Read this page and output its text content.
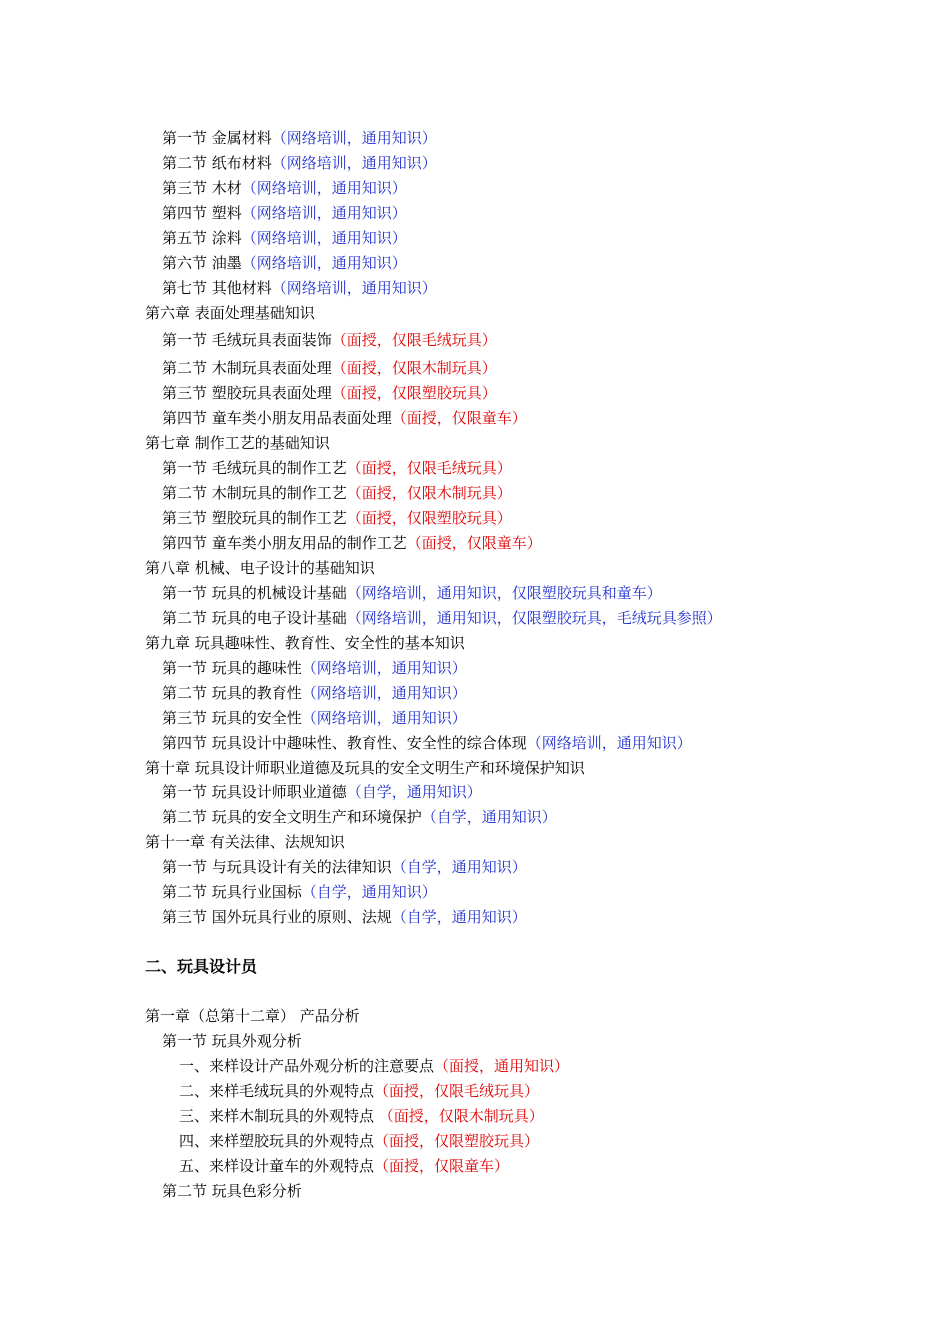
二、玩具设计员
第一节 金属材料（网络培训，通用知识）
第二节 纸布材料（网络培训，通用知识）
第三节 木材（网络培训，通用知识）
第四节 塑料（网络培训，通用知识）
第五节 涂料（网络培训，通用知识）
第六节 油墨（网络培训，通用知识）
第七节 其他材料（网络培训，通用知识）
第六章 表面处理基础知识
第一节 毛绒玩具表面装饰（面授，仅限毛绒玩具）
第二节 木制玩具表面处理（面授，仅限木制玩具）
第三节 塑胶玩具表面处理（面授，仅限塑胶玩具）
第四节 童车类小朋友用品表面处理（面授，仅限童车）
第七章 制作工艺的基础知识
第一节 毛绒玩具的制作工艺（面授，仅限毛绒玩具）
第二节 木制玩具的制作工艺（面授，仅限木制玩具）
第三节 塑胶玩具的制作工艺（面授，仅限塑胶玩具）
第四节 童车类小朋友用品的制作工艺（面授，仅限童车）
第八章 机械、电子设计的基础知识
第一节 玩具的机械设计基础（网络培训，通用知识，仅限塑胶玩具和童车）
第二节 玩具的电子设计基础（网络培训，通用知识，仅限塑胶玩具，毛绒玩具参照）
第九章 玩具趣味性、教育性、安全性的基本知识
第一节 玩具的趣味性（网络培训，通用知识）
第二节 玩具的教育性（网络培训，通用知识）
第三节 玩具的安全性（网络培训，通用知识）
第四节 玩具设计中趣味性、教育性、安全性的综合体现（网络培训，通用知识）
第十章 玩具设计师职业道德及玩具的安全文明生产和环境保护知识
第一节 玩具设计师职业道德（自学，通用知识）
第二节 玩具的安全文明生产和环境保护（自学，通用知识）
第十一章 有关法律、法规知识
第一节 与玩具设计有关的法律知识（自学，通用知识）
第二节 玩具行业国标（自学，通用知识）
第三节 国外玩具行业的原则、法规（自学，通用知识）
第一章（总第十二章） 产品分析
第一节 玩具外观分析
一、来样设计产品外观分析的注意要点（面授，通用知识）
二、来样毛绒玩具的外观特点（面授，仅限毛绒玩具）
三、来样木制玩具的外观特点 （面授，仅限木制玩具）
四、来样塑胶玩具的外观特点（面授，仅限塑胶玩具）
五、来样设计童车的外观特点（面授，仅限童车）
第二节 玩具色彩分析
